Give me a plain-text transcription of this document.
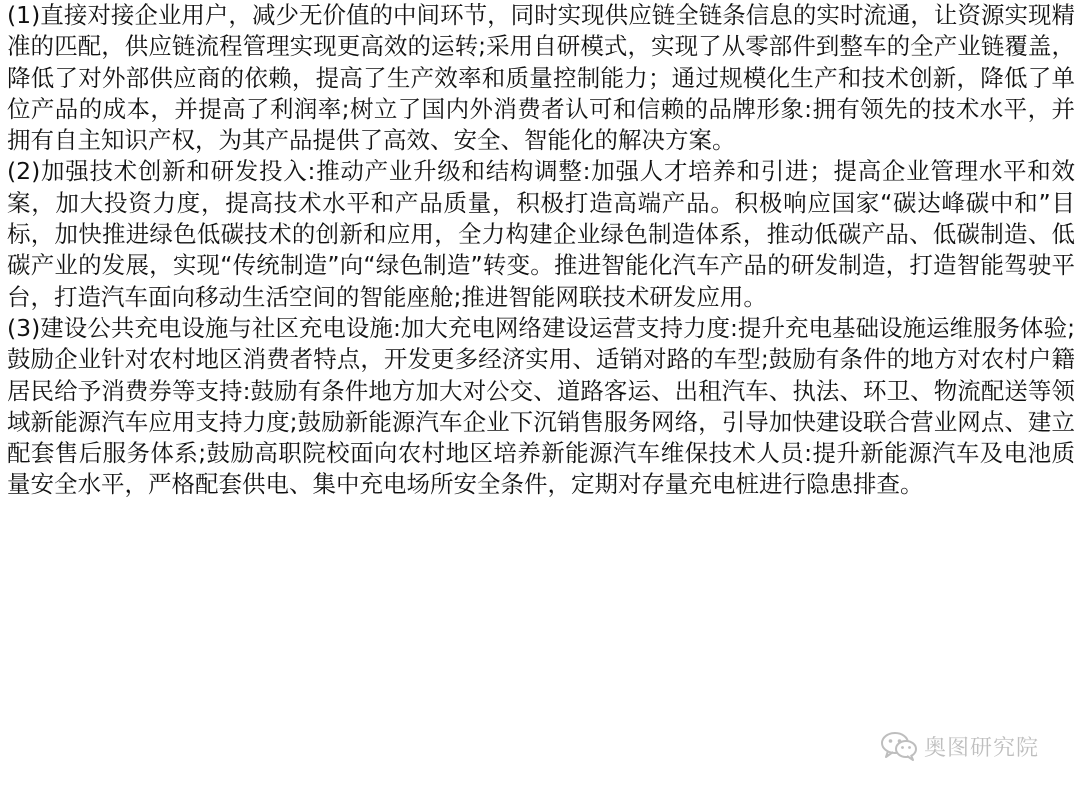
(1)直接对接企业用户，减少无价值的中间环节，同时实现供应链全链条信息的实时流通，让资源实现精准的匹配，供应链流程管理实现更高效的运转;采用自研模式，实现了从零部件到整车的全产业链覆盖，降低了对外部供应商的依赖，提高了生产效率和质量控制能力；通过规模化生产和技术创新，降低了单位产品的成本，并提高了利润率;树立了国内外消费者认可和信赖的品牌形象:拥有领先的技术水平，并拥有自主知识产权，为其产品提供了高效、安全、智能化的解决方案。

(2)加强技术创新和研发投入:推动产业升级和结构调整:加强人才培养和引进；提高企业管理水平和效案，加大投资力度，提高技术水平和产品质量，积极打造高端产品。积极响应国家“碳达峰碳中和”目标，加快推进绿色低碳技术的创新和应用，全力构建企业绿色制造体系，推动低碳产品、低碳制造、低碳产业的发展，实现“传统制造”向“绿色制造”转变。推进智能化汽车产品的研发制造，打造智能驾驶平台，打造汽车面向移动生活空间的智能座舱;推进智能网联技术研发应用。

(3)建设公共充电设施与社区充电设施:加大充电网络建设运营支持力度:提升充电基础设施运维服务体验;鼓励企业针对农村地区消费者特点，开发更多经济实用、适销对路的车型;鼓励有条件的地方对农村户籍居民给予消费券等支持:鼓励有条件地方加大对公交、道路客运、出租汽车、执法、环卫、物流配送等领域新能源汽车应用支持力度;鼓励新能源汽车企业下沉销售服务网络，引导加快建设联合营业网点、建立配套售后服务体系;鼓励高职院校面向农村地区培养新能源汽车维保技术人员:提升新能源汽车及电池质量安全水平，严格配套供电、集中充电场所安全条件，定期对存量充电桩进行隐患排查。

奥图研究院
